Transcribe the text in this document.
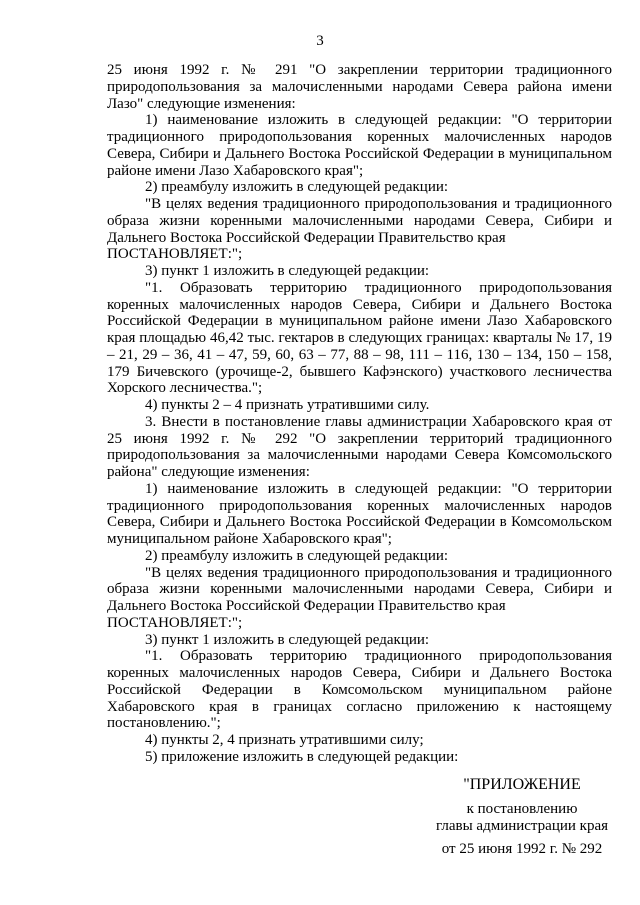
3

25 июня 1992 г. № 291 "О закреплении территории традиционного природопользования за малочисленными народами Севера района имени Лазо" следующие изменения:

1) наименование изложить в следующей редакции: "О территории традиционного природопользования коренных малочисленных народов Севера, Сибири и Дальнего Востока Российской Федерации в муниципальном районе имени Лазо Хабаровского края";

2) преамбулу изложить в следующей редакции:

"В целях ведения традиционного природопользования и традиционного образа жизни коренными малочисленными народами Севера, Сибири и Дальнего Востока Российской Федерации Правительство края

ПОСТАНОВЛЯЕТ:";

3) пункт 1 изложить в следующей редакции:

"1. Образовать территорию традиционного природопользования коренных малочисленных народов Севера, Сибири и Дальнего Востока Российской Федерации в муниципальном районе имени Лазо Хабаровского края площадью 46,42 тыс. гектаров в следующих границах: кварталы № 17, 19 – 21, 29 – 36, 41 – 47, 59, 60, 63 – 77, 88 – 98, 111 – 116, 130 – 134, 150 – 158, 179 Бичевского (урочище-2, бывшего Кафэнского) участкового лесничества Хорского лесничества.";

4) пункты 2 – 4 признать утратившими силу.

3. Внести в постановление главы администрации Хабаровского края от 25 июня 1992 г. № 292 "О закреплении территорий традиционного природопользования за малочисленными народами Севера Комсомольского района" следующие изменения:

1) наименование изложить в следующей редакции: "О территории традиционного природопользования коренных малочисленных народов Севера, Сибири и Дальнего Востока Российской Федерации в Комсомольском муниципальном районе Хабаровского края";

2) преамбулу изложить в следующей редакции:

"В целях ведения традиционного природопользования и традиционного образа жизни коренными малочисленными народами Севера, Сибири и Дальнего Востока Российской Федерации Правительство края

ПОСТАНОВЛЯЕТ:";

3) пункт 1 изложить в следующей редакции:

"1. Образовать территорию традиционного природопользования коренных малочисленных народов Севера, Сибири и Дальнего Востока Российской Федерации в Комсомольском муниципальном районе Хабаровского края в границах согласно приложению к настоящему постановлению.";

4) пункты 2, 4 признать утратившими силу;

5) приложение изложить в следующей редакции:

"ПРИЛОЖЕНИЕ
к постановлению
главы администрации края
от 25 июня 1992 г. № 292
